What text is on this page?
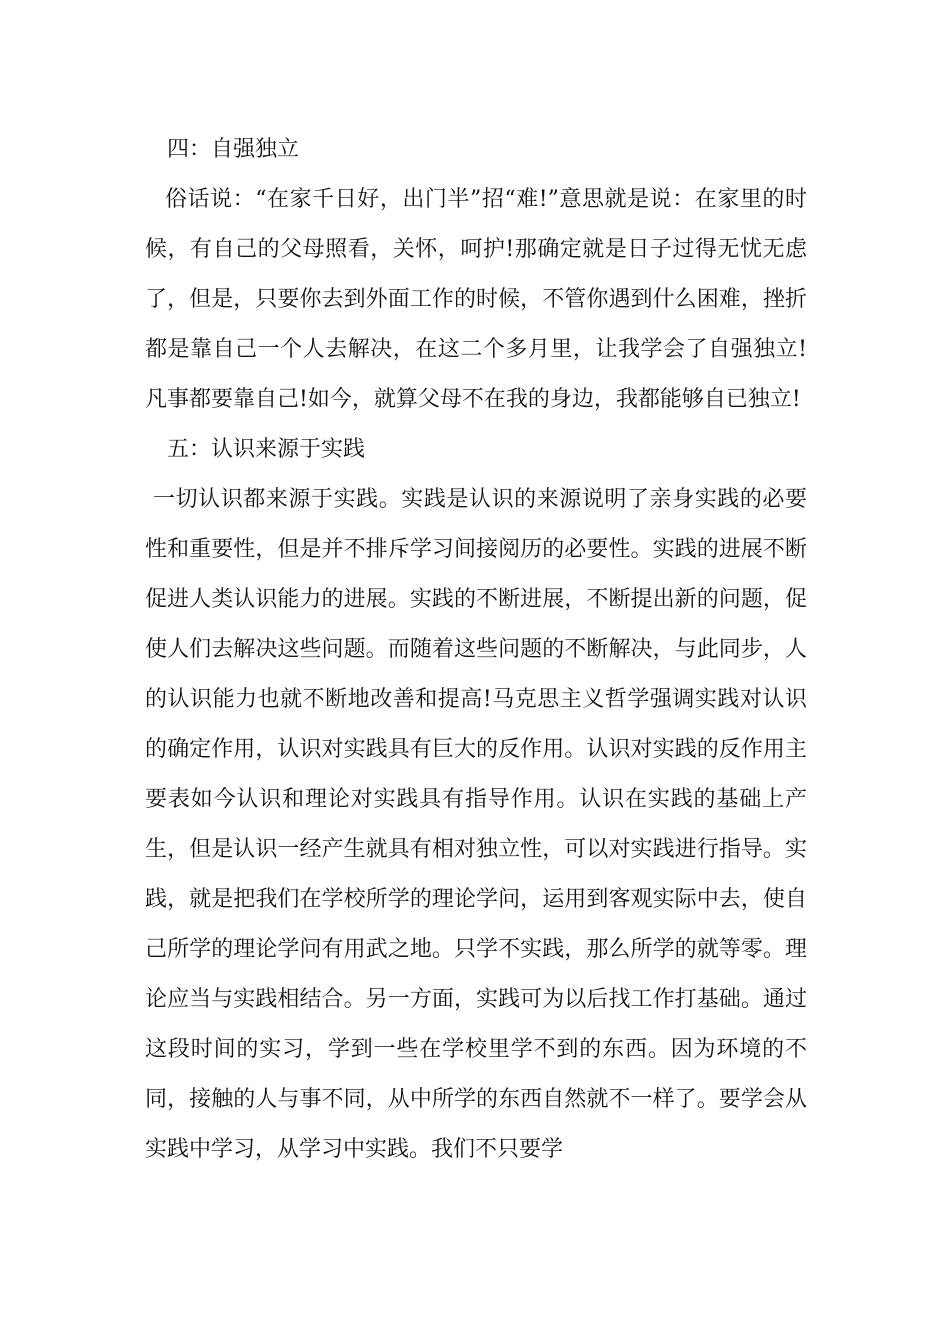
四：自强独立

俗话说：“在家千日好，出门半”招“难!”意思就是说：在家里的时候，有自己的父母照看，关怀，呵护!那确定就是日子过得无忧无虑了，但是，只要你去到外面工作的时候，不管你遇到什么困难，挫折都是靠自己一个人去解决，在这二个多月里，让我学会了自强独立!凡事都要靠自己!如今，就算父母不在我的身边，我都能够自已独立!

五：认识来源于实践

一切认识都来源于实践。实践是认识的来源说明了亲身实践的必要性和重要性，但是并不排斥学习间接阅历的必要性。实践的进展不断促进人类认识能力的进展。实践的不断进展，不断提出新的问题，促使人们去解决这些问题。而随着这些问题的不断解决，与此同步，人的认识能力也就不断地改善和提高!马克思主义哲学强调实践对认识的确定作用，认识对实践具有巨大的反作用。认识对实践的反作用主要表如今认识和理论对实践具有指导作用。认识在实践的基础上产生，但是认识一经产生就具有相对独立性，可以对实践进行指导。实践，就是把我们在学校所学的理论学问，运用到客观实际中去，使自己所学的理论学问有用武之地。只学不实践，那么所学的就等零。理论应当与实践相结合。另一方面，实践可为以后找工作打基础。通过这段时间的实习，学到一些在学校里学不到的东西。因为环境的不同，接触的人与事不同，从中所学的东西自然就不一样了。要学会从实践中学习，从学习中实践。我们不只要学
